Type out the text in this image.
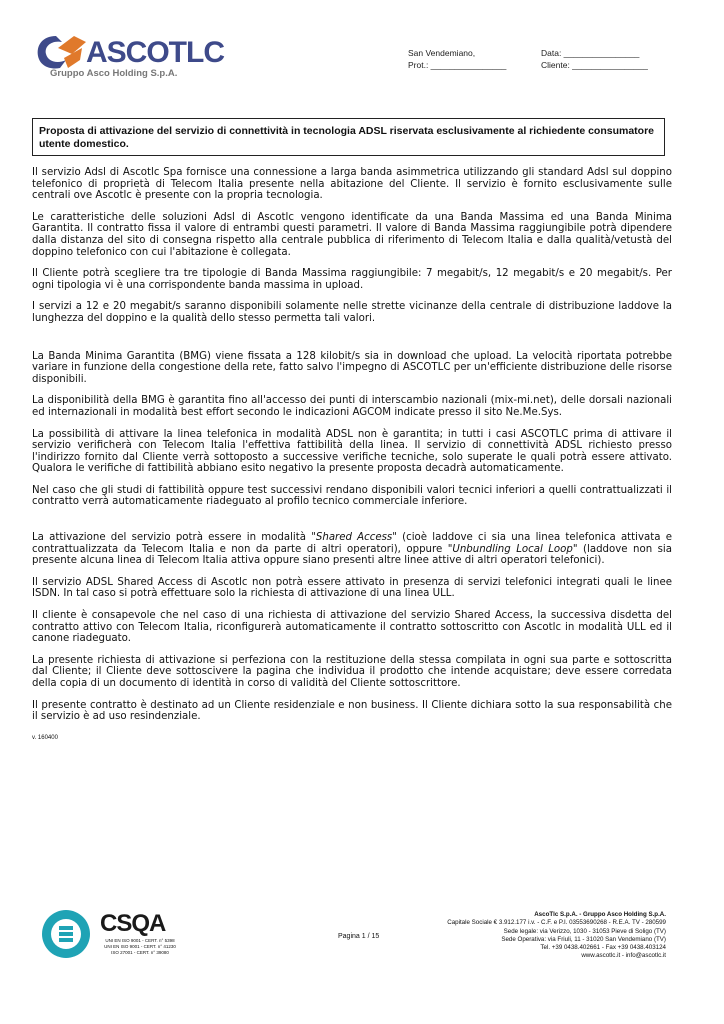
ASCOTLC
Gruppo Asco Holding S.p.A.
San Vendemiano,
Prot.: ________________
Data: ________________
Cliente: ________________
Proposta di attivazione del servizio di connettività in tecnologia ADSL riservata esclusivamente al richiedente consumatore utente domestico.

Il servizio Adsl di Ascotlc Spa fornisce una connessione a larga banda asimmetrica utilizzando gli standard Adsl sul doppino telefonico di proprietà di Telecom Italia presente nella abitazione del Cliente. Il servizio è fornito esclusivamente sulle centrali ove Ascotlc è presente con la propria tecnologia.

Le caratteristiche delle soluzioni Adsl di Ascotlc vengono identificate da una Banda Massima ed una Banda Minima Garantita. Il contratto fissa il valore di entrambi questi parametri. Il valore di Banda Massima raggiungibile potrà dipendere dalla distanza del sito di consegna rispetto alla centrale pubblica di riferimento di Telecom Italia e dalla qualità/vetustà del doppino telefonico con cui l'abitazione è collegata.

Il Cliente potrà scegliere tra tre tipologie di Banda Massima raggiungibile: 7 megabit/s, 12 megabit/s e 20 megabit/s. Per ogni tipologia vi è una corrispondente banda massima in upload.

I servizi a 12 e 20 megabit/s saranno disponibili solamente nelle strette vicinanze della centrale di distribuzione laddove la lunghezza del doppino e la qualità dello stesso permetta tali valori.

La Banda Minima Garantita (BMG) viene fissata a 128 kilobit/s sia in download che upload. La velocità riportata potrebbe variare in funzione della congestione della rete, fatto salvo l'impegno di ASCOTLC per un'efficiente distribuzione delle risorse disponibili.

La disponibilità della BMG è garantita fino all'accesso dei punti di interscambio nazionali (mix-mi.net), delle dorsali nazionali ed internazionali in modalità best effort secondo le indicazioni AGCOM indicate presso il sito Ne.Me.Sys.

La possibilità di attivare la linea telefonica in modalità ADSL non è garantita; in tutti i casi ASCOTLC prima di attivare il servizio verificherà con Telecom Italia l'effettiva fattibilità della linea. Il servizio di connettività ADSL richiesto presso l'indirizzo fornito dal Cliente verrà sottoposto a successive verifiche tecniche, solo superate le quali potrà essere attivato. Qualora le verifiche di fattibilità abbiano esito negativo la presente proposta decadrà automaticamente.

Nel caso che gli studi di fattibilità oppure test successivi rendano disponibili valori tecnici inferiori a quelli contrattualizzati il contratto verrà automaticamente riadeguato al profilo tecnico commerciale inferiore.

La attivazione del servizio potrà essere in modalità "Shared Access" (cioè laddove ci sia una linea telefonica attivata e contrattualizzata da Telecom Italia e non da parte di altri operatori), oppure "Unbundling Local Loop" (laddove non sia presente alcuna linea di Telecom Italia attiva oppure siano presenti altre linee attive di altri operatori telefonici).

Il servizio ADSL Shared Access di Ascotlc non potrà essere attivato in presenza di servizi telefonici integrati quali le linee ISDN. In tal caso si potrà effettuare solo la richiesta di attivazione di una linea ULL.

Il cliente è consapevole che nel caso di una richiesta di attivazione del servizio Shared Access, la successiva disdetta del contratto attivo con Telecom Italia, riconfigurerà automaticamente il contratto sottoscritto con Ascotlc in modalità ULL ed il canone riadeguato.

La presente richiesta di attivazione si perfeziona con la restituzione della stessa compilata in ogni sua parte e sottoscritta dal Cliente; il Cliente deve sottoscivere la pagina che individua il prodotto che intende acquistare; deve essere corredata della copia di un documento di identità in corso di validità del Cliente sottoscrittore.

Il presente contratto è destinato ad un Cliente residenziale e non business. Il Cliente dichiara sotto la sua responsabilità che il servizio è ad uso resindenziale.

v. 160400
CSQA
UNI EN ISO 9001 - CERT. n° 5398
UNI EN ISO 9001 - CERT. n° 41230
ISO 27001 - CERT. n° 39080
Pagina 1 / 15
AscoTlc S.p.A. - Gruppo Asco Holding S.p.A.
Capitale Sociale € 3.912.177 i.v. - C.F. e P.I. 03553690268 - R.E.A. TV - 280599
Sede legale: via Verizzo, 1030 - 31053 Pieve di Soligo (TV)
Sede Operativa: via Friuli, 11 - 31020 San Vendemiano (TV)
Tel. +39 0438.402661 - Fax +39 0438.403124
www.ascotlc.it - info@ascotlc.it
